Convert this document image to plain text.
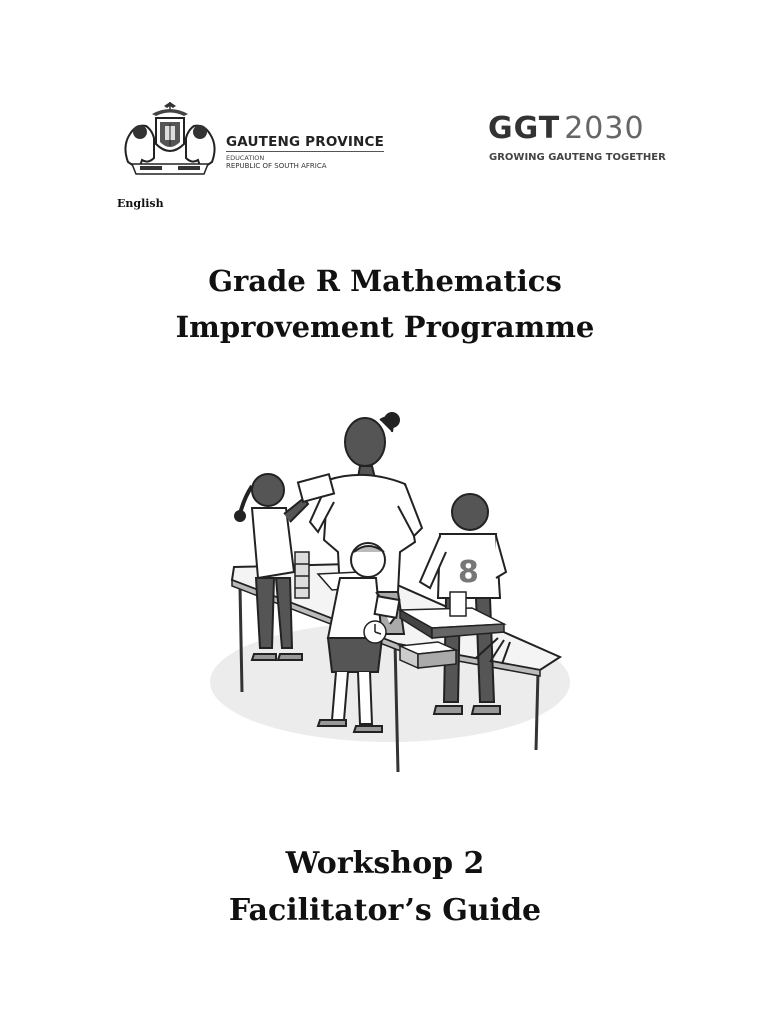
GAUTENG PROVINCE
EDUCATION
REPUBLIC OF SOUTH AFRICA
GGT 2030
GROWING GAUTENG TOGETHER
English
Grade R Mathematics
Improvement Programme
8
Workshop 2
Facilitator’s Guide
